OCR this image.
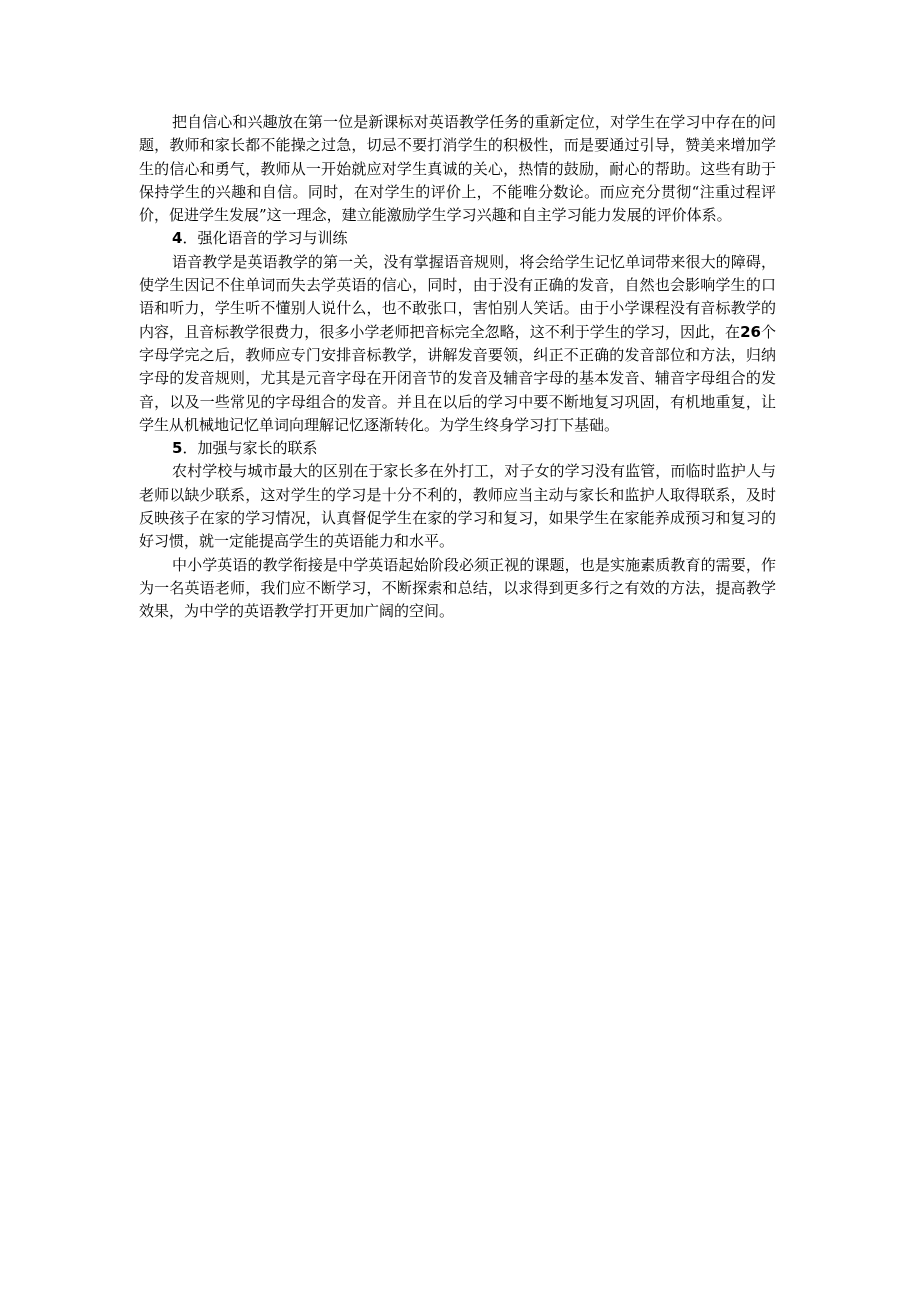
把自信心和兴趣放在第一位是新课标对英语教学任务的重新定位，对学生在学习中存在的问题，教师和家长都不能操之过急，切忌不要打消学生的积极性，而是要通过引导，赞美来增加学生的信心和勇气，教师从一开始就应对学生真诚的关心，热情的鼓励，耐心的帮助。这些有助于保持学生的兴趣和自信。同时，在对学生的评价上，不能唯分数论。而应充分贯彻“注重过程评价，促进学生发展”这一理念，建立能激励学生学习兴趣和自主学习能力发展的评价体系。

4．强化语音的学习与训练

语音教学是英语教学的第一关，没有掌握语音规则，将会给学生记忆单词带来很大的障碍，使学生因记不住单词而失去学英语的信心，同时，由于没有正确的发音，自然也会影响学生的口语和听力，学生听不懂别人说什么，也不敢张口，害怕别人笑话。由于小学课程没有音标教学的内容，且音标教学很费力，很多小学老师把音标完全忽略，这不利于学生的学习，因此，在26个字母学完之后，教师应专门安排音标教学，讲解发音要领，纠正不正确的发音部位和方法，归纳字母的发音规则，尤其是元音字母在开闭音节的发音及辅音字母的基本发音、辅音字母组合的发音，以及一些常见的字母组合的发音。并且在以后的学习中要不断地复习巩固，有机地重复，让学生从机械地记忆单词向理解记忆逐渐转化。为学生终身学习打下基础。

5．加强与家长的联系

农村学校与城市最大的区别在于家长多在外打工，对子女的学习没有监管，而临时监护人与老师以缺少联系，这对学生的学习是十分不利的，教师应当主动与家长和监护人取得联系，及时反映孩子在家的学习情况，认真督促学生在家的学习和复习，如果学生在家能养成预习和复习的好习惯，就一定能提高学生的英语能力和水平。

中小学英语的教学衔接是中学英语起始阶段必须正视的课题，也是实施素质教育的需要，作为一名英语老师，我们应不断学习，不断探索和总结，以求得到更多行之有效的方法，提高教学效果，为中学的英语教学打开更加广阔的空间。
